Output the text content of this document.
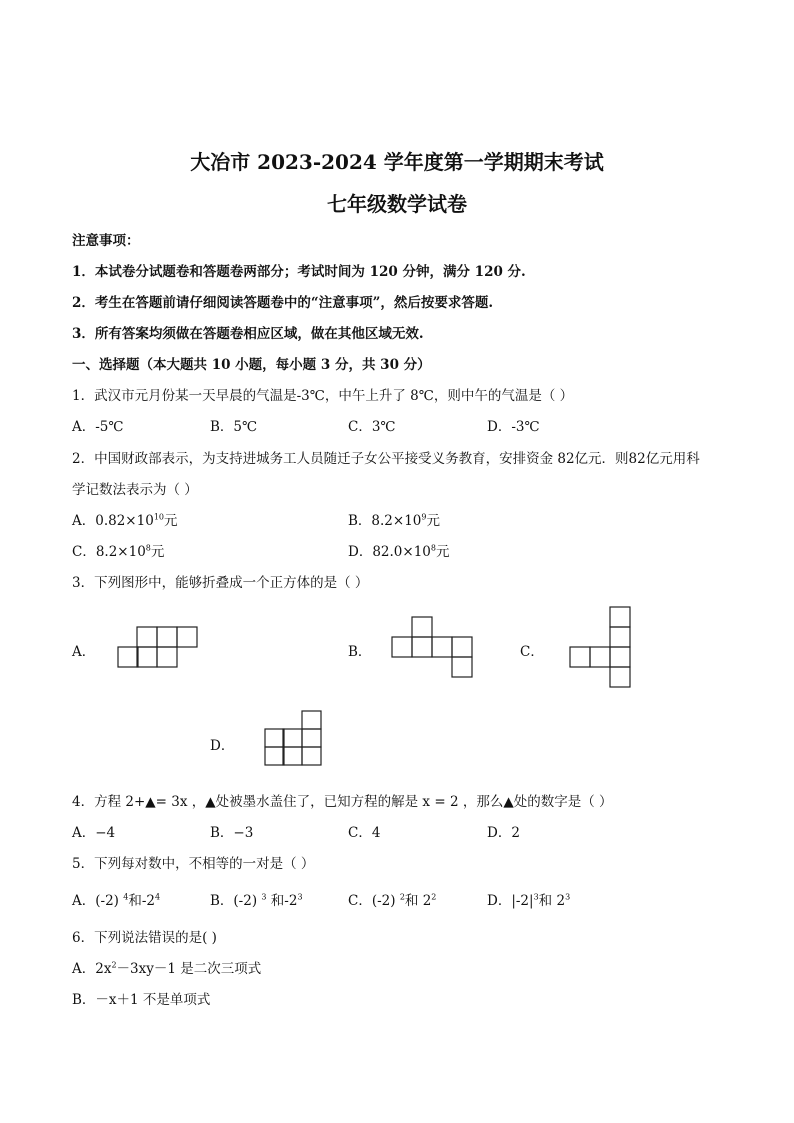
大冶市 2023-2024 学年度第一学期期末考试
七年级数学试卷
注意事项：
1．本试卷分试题卷和答题卷两部分；考试时间为 120 分钟，满分 120 分.
2．考生在答题前请仔细阅读答题卷中的“注意事项”，然后按要求答题.
3．所有答案均须做在答题卷相应区域，做在其他区域无效.
一、选择题（本大题共 10 小题，每小题 3 分，共 30 分）
1．武汉市元月份某一天早晨的气温是-3℃，中午上升了 8℃，则中午的气温是（ ）
A．-5℃	B．5℃	C．3℃	D．-3℃
2．中国财政部表示，为支持进城务工人员随迁子女公平接受义务教育，安排资金 82亿元．则82亿元用科
学记数法表示为（ ）
A．$0.82\times 10^{10}$元	B．$8.2\times 10^9$元
C．$8.2\times 10^8$元	D．$82.0\times 10^8$元
3．下列图形中，能够折叠成一个正方体的是（ ）
A．	B．	C．
D．
4．方程 2+▲= 3x ，▲处被墨水盖住了，已知方程的解是 x = 2 ，那么▲处的数字是（ ）
A．−4	B．−3	C．4	D．2
5．下列每对数中，不相等的一对是（ ）
A．(-2) $^4$和$-2^4$	B．(-2) $^3$ 和$-2^3$	C．(-2) $^2$和 $2^2$	D．$|-2|^3$和 $2^3$
6．下列说法错误的是( )
A．$2x^2-3xy-1$ 是二次三项式
B．－x＋1 不是单项式
